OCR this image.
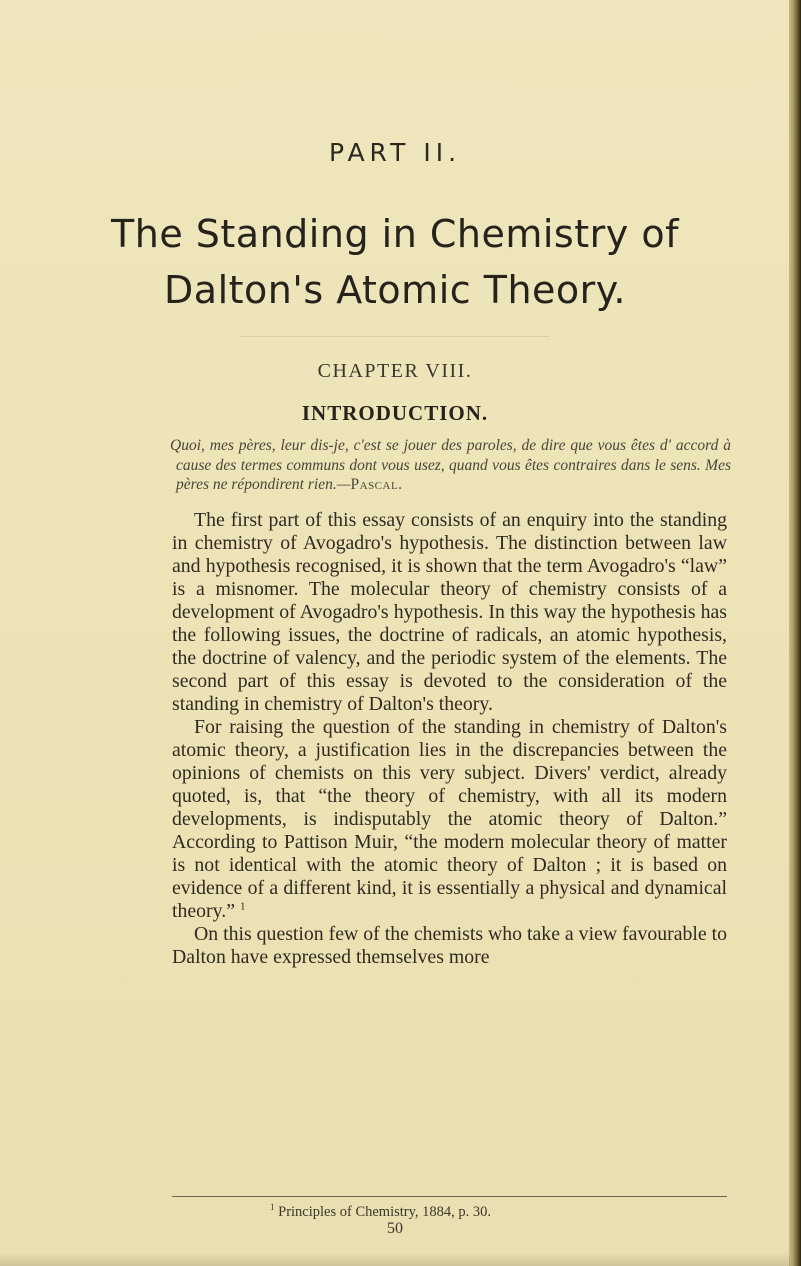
PART II.
The Standing in Chemistry of
Dalton's Atomic Theory.
CHAPTER VIII.
INTRODUCTION.
Quoi, mes pères, leur dis-je, c'est se jouer des paroles, de dire que vous êtes d' accord à cause des termes communs dont vous usez, quand vous êtes contraires dans le sens. Mes pères ne répondirent rien.—Pascal.

The first part of this essay consists of an enquiry into the standing in chemistry of Avogadro's hypothesis. The distinction between law and hypothesis recognised, it is shown that the term Avogadro's “law” is a misnomer. The molecular theory of chemistry consists of a development of Avogadro's hypothesis. In this way the hypothesis has the following issues, the doctrine of radicals, an atomic hypothesis, the doctrine of valency, and the periodic system of the elements. The second part of this essay is devoted to the consideration of the standing in chemistry of Dalton's theory.

For raising the question of the standing in chemistry of Dalton's atomic theory, a justification lies in the discrepancies between the opinions of chemists on this very subject. Divers' verdict, already quoted, is, that “the theory of chemistry, with all its modern developments, is indisputably the atomic theory of Dalton.” According to Pattison Muir, “the modern molecular theory of matter is not identical with the atomic theory of Dalton ; it is based on evidence of a different kind, it is essentially a physical and dynamical theory.” $^1$

On this question few of the chemists who take a view favourable to Dalton have expressed themselves more

$^1$ Principles of Chemistry, 1884, p. 30.
50
